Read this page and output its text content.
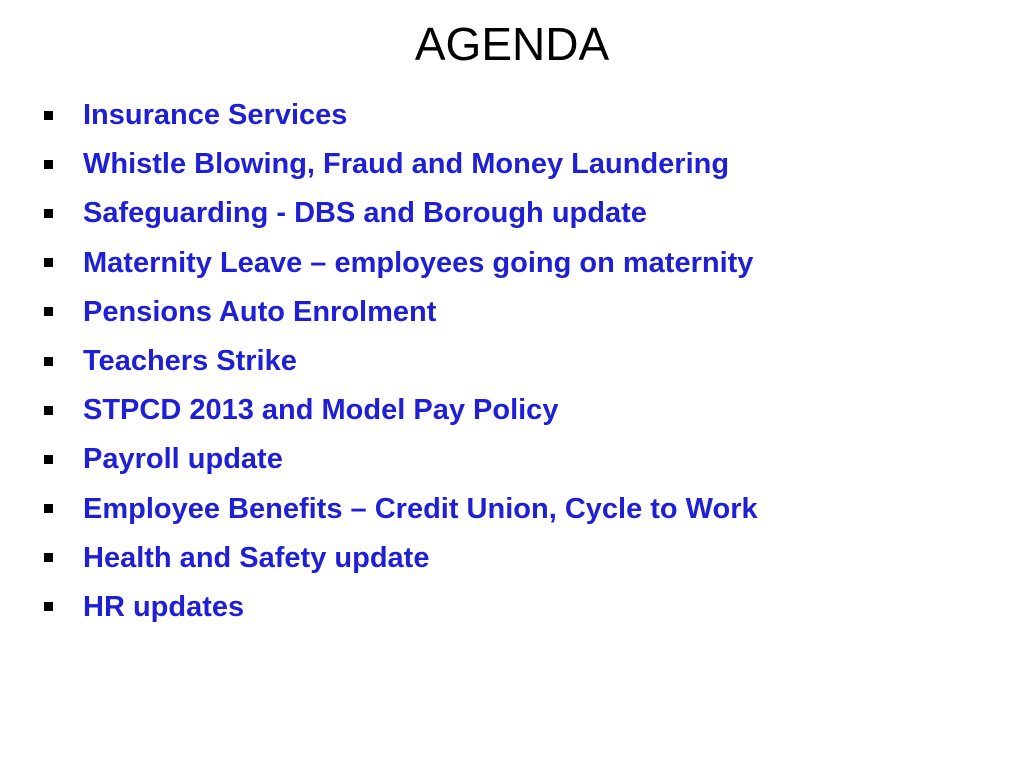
AGENDA
Insurance Services
Whistle Blowing, Fraud and Money Laundering
Safeguarding - DBS and Borough update
Maternity Leave – employees going on maternity
Pensions Auto Enrolment
Teachers Strike
STPCD 2013 and Model Pay Policy
Payroll update
Employee Benefits – Credit Union, Cycle to Work
Health and Safety update
HR updates
